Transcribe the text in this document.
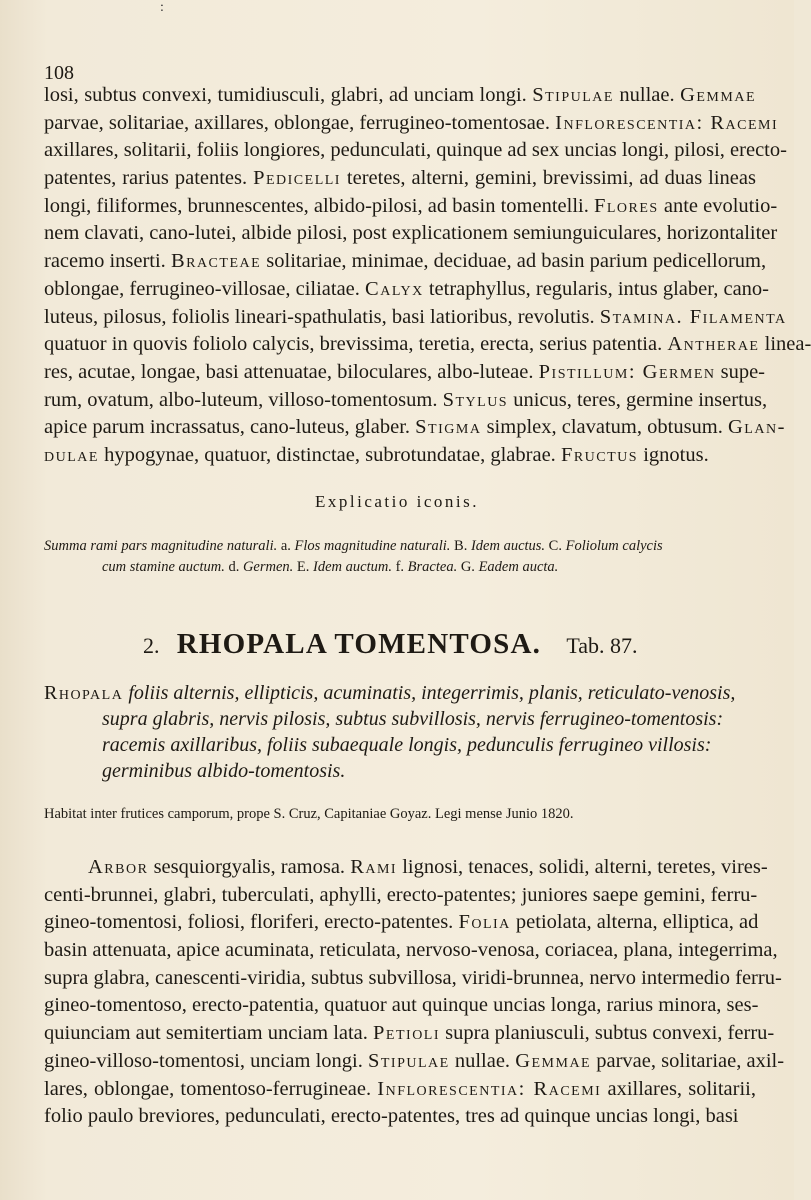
:
108
losi, subtus convexi, tumidiusculi, glabri, ad unciam longi. Stipulae nullae. Gemmae
parvae, solitariae, axillares, oblongae, ferrugineo-tomentosae. Inflorescentia: Racemi
axillares, solitarii, foliis longiores, pedunculati, quinque ad sex uncias longi, pilosi, erecto-
patentes, rarius patentes. Pedicelli teretes, alterni, gemini, brevissimi, ad duas lineas
longi, filiformes, brunnescentes, albido-pilosi, ad basin tomentelli. Flores ante evolutio-
nem clavati, cano-lutei, albide pilosi, post explicationem semiunguiculares, horizontaliter
racemo inserti. Bracteae solitariae, minimae, deciduae, ad basin parium pedicellorum,
oblongae, ferrugineo-villosae, ciliatae. Calyx tetraphyllus, regularis, intus glaber, cano-
luteus, pilosus, foliolis lineari-spathulatis, basi latioribus, revolutis. Stamina. Filamenta
quatuor in quovis foliolo calycis, brevissima, teretia, erecta, serius patentia. Antherae linea-
res, acutae, longae, basi attenuatae, biloculares, albo-luteae. Pistillum: Germen supe-
rum, ovatum, albo-luteum, villoso-tomentosum. Stylus unicus, teres, germine insertus,
apice parum incrassatus, cano-luteus, glaber. Stigma simplex, clavatum, obtusum. Glan-
dulae hypogynae, quatuor, distinctae, subrotundatae, glabrae. Fructus ignotus.
Explicatio iconis.
Summa rami pars magnitudine naturali. a. Flos magnitudine naturali. B. Idem auctus. C. Foliolum calycis
cum stamine auctum. d. Germen. E. Idem auctum. f. Bractea. G. Eadem aucta.
2. RHOPALA TOMENTOSA. Tab. 87.
Rhopala foliis alternis, ellipticis, acuminatis, integerrimis, planis, reticulato-venosis,
supra glabris, nervis pilosis, subtus subvillosis, nervis ferrugineo-tomentosis:
racemis axillaribus, foliis subaequale longis, pedunculis ferrugineo villosis:
germinibus albido-tomentosis.
Habitat inter frutices camporum, prope S. Cruz, Capitaniae Goyaz. Legi mense Junio 1820.
Arbor sesquiorgyalis, ramosa. Rami lignosi, tenaces, solidi, alterni, teretes, vires-
centi-brunnei, glabri, tuberculati, aphylli, erecto-patentes; juniores saepe gemini, ferru-
gineo-tomentosi, foliosi, floriferi, erecto-patentes. Folia petiolata, alterna, elliptica, ad
basin attenuata, apice acuminata, reticulata, nervoso-venosa, coriacea, plana, integerrima,
supra glabra, canescenti-viridia, subtus subvillosa, viridi-brunnea, nervo intermedio ferru-
gineo-tomentoso, erecto-patentia, quatuor aut quinque uncias longa, rarius minora, ses-
quiunciam aut semitertiam unciam lata. Petioli supra planiusculi, subtus convexi, ferru-
gineo-villoso-tomentosi, unciam longi. Stipulae nullae. Gemmae parvae, solitariae, axil-
lares, oblongae, tomentoso-ferrugineae. Inflorescentia: Racemi axillares, solitarii,
folio paulo breviores, pedunculati, erecto-patentes, tres ad quinque uncias longi, basi
